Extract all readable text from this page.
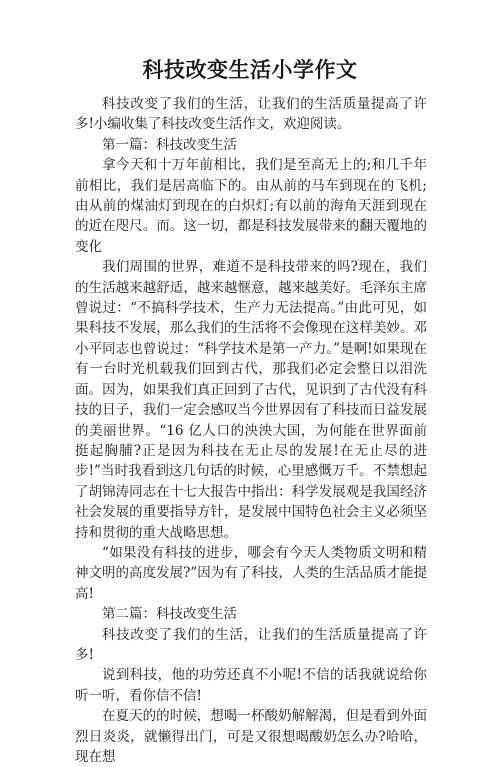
科技改变生活小学作文

科技改变了我们的生活，让我们的生活质量提高了许多!小编收集了科技改变生活作文，欢迎阅读。

第一篇：科技改变生活

拿今天和十万年前相比，我们是至高无上的;和几千年前相比，我们是居高临下的。由从前的马车到现在的飞机;由从前的煤油灯到现在的白炽灯;有以前的海角天涯到现在的近在咫尺。而。这一切，都是科技发展带来的翻天覆地的变化

我们周围的世界，难道不是科技带来的吗?现在，我们的生活越来越舒适，越来越惬意，越来越美好。毛泽东主席曾说过：“不搞科学技术，生产力无法提高。”由此可见，如果科技不发展，那么我们的生活将不会像现在这样美妙。邓小平同志也曾说过：“科学技术是第一产力。”是啊!如果现在有一台时光机载我们回到古代，那我们必定会整日以泪洗面。因为，如果我们真正回到了古代，见识到了古代没有科技的日子，我们一定会感叹当今世界因有了科技而日益发展的美丽世界。“16 亿人口的泱泱大国，为何能在世界面前挺起胸脯?正是因为科技在无止尽的发展!在无止尽的进步!”当时我看到这几句话的时候，心里感慨万千。不禁想起了胡锦涛同志在十七大报告中指出：科学发展观是我国经济社会发展的重要指导方针，是发展中国特色社会主义必须坚持和贯彻的重大战略思想。

“如果没有科技的进步，哪会有今天人类物质文明和精神文明的高度发展?”因为有了科技，人类的生活品质才能提高!

第二篇：科技改变生活

科技改变了我们的生活，让我们的生活质量提高了许多!

说到科技，他的功劳还真不小呢!不信的话我就说给你听一听，看你信不信!

在夏天的的时候，想喝一杯酸奶解解渴，但是看到外面烈日炎炎，就懒得出门，可是又很想喝酸奶怎么办?哈哈，现在想
